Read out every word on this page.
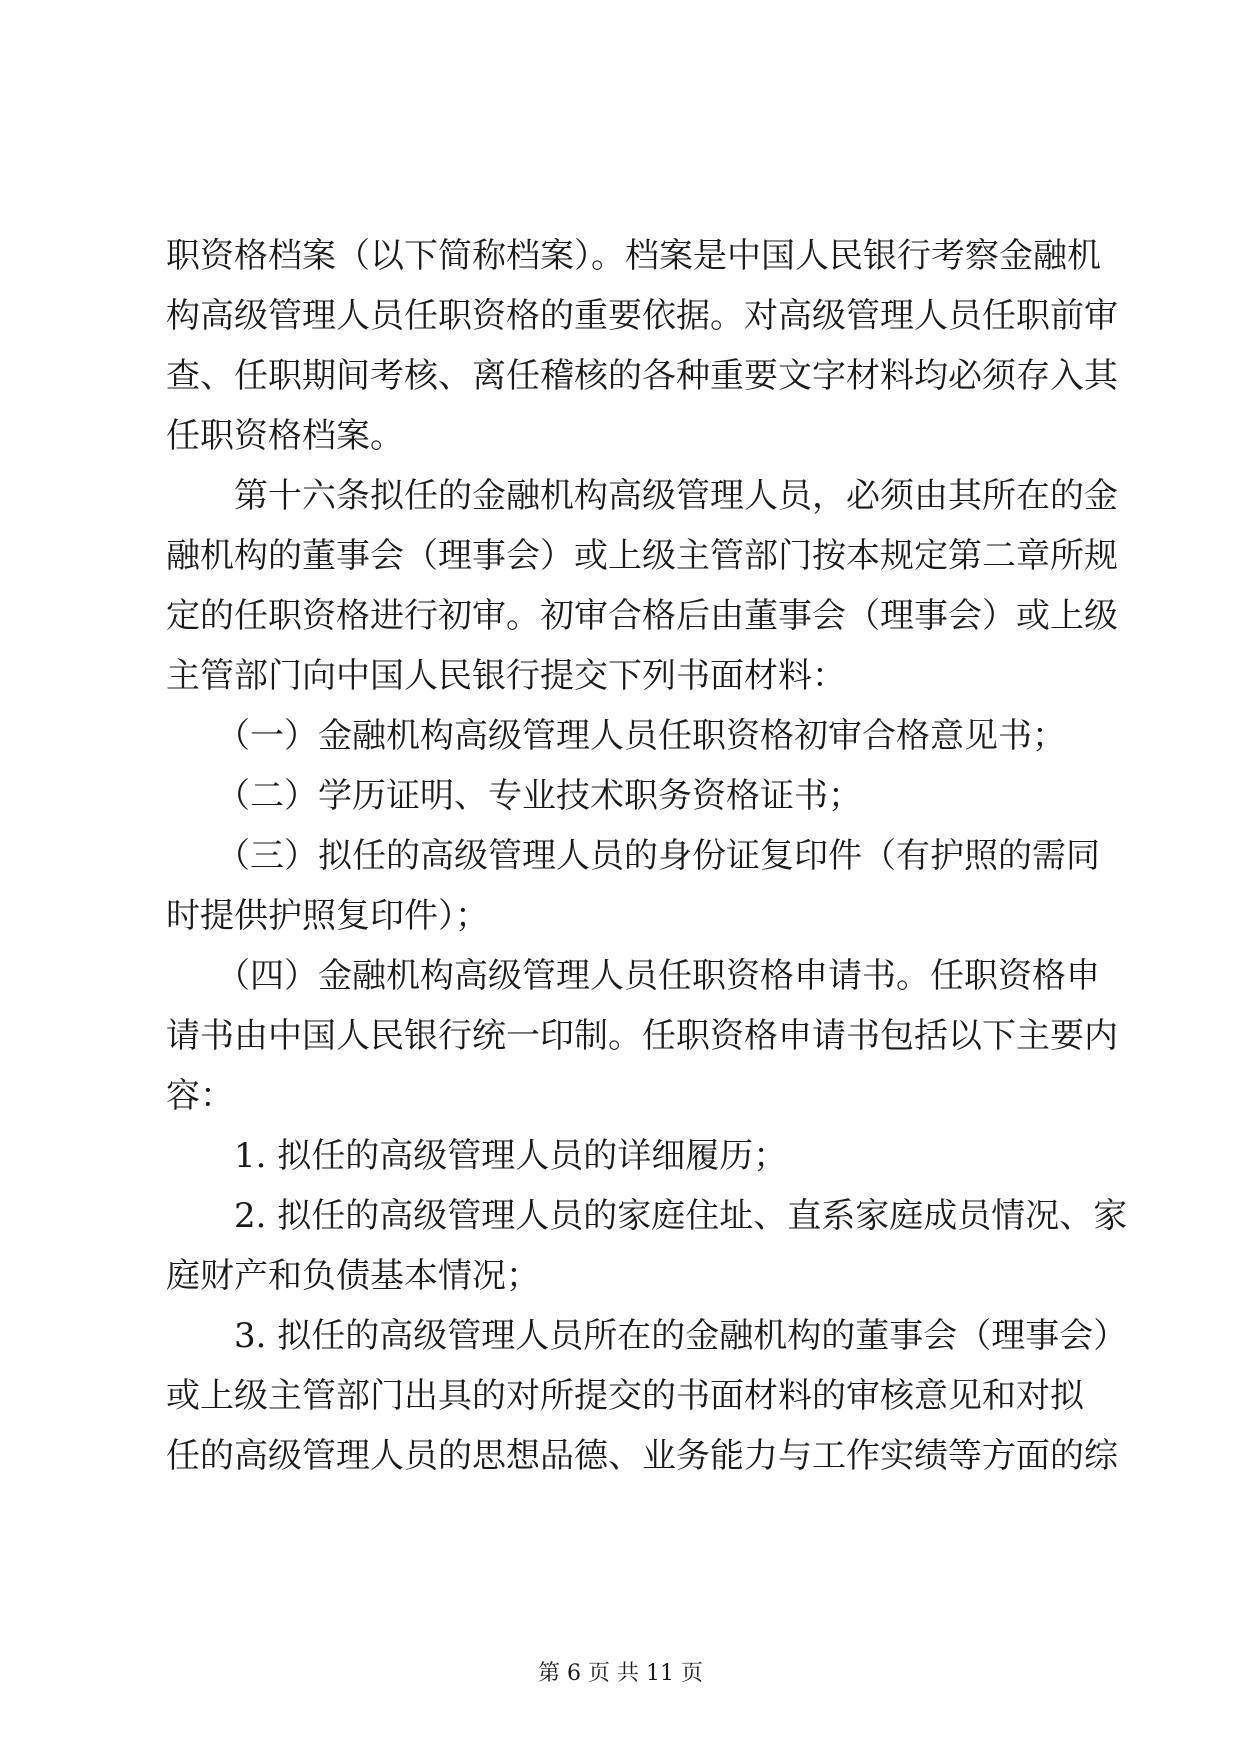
职资格档案（以下简称档案）。档案是中国人民银行考察金融机
构高级管理人员任职资格的重要依据。对高级管理人员任职前审
查、任职期间考核、离任稽核的各种重要文字材料均必须存入其
任职资格档案。
第十六条拟任的金融机构高级管理人员，必须由其所在的金
融机构的董事会（理事会）或上级主管部门按本规定第二章所规
定的任职资格进行初审。初审合格后由董事会（理事会）或上级
主管部门向中国人民银行提交下列书面材料：
（一）金融机构高级管理人员任职资格初审合格意见书；
（二）学历证明、专业技术职务资格证书；
（三）拟任的高级管理人员的身份证复印件（有护照的需同
时提供护照复印件）；
（四）金融机构高级管理人员任职资格申请书。任职资格申
请书由中国人民银行统一印制。任职资格申请书包括以下主要内
容：
1. 拟任的高级管理人员的详细履历；
2. 拟任的高级管理人员的家庭住址、直系家庭成员情况、家
庭财产和负债基本情况；
3. 拟任的高级管理人员所在的金融机构的董事会（理事会）
或上级主管部门出具的对所提交的书面材料的审核意见和对拟
任的高级管理人员的思想品德、业务能力与工作实绩等方面的综
第 6 页 共 11 页
